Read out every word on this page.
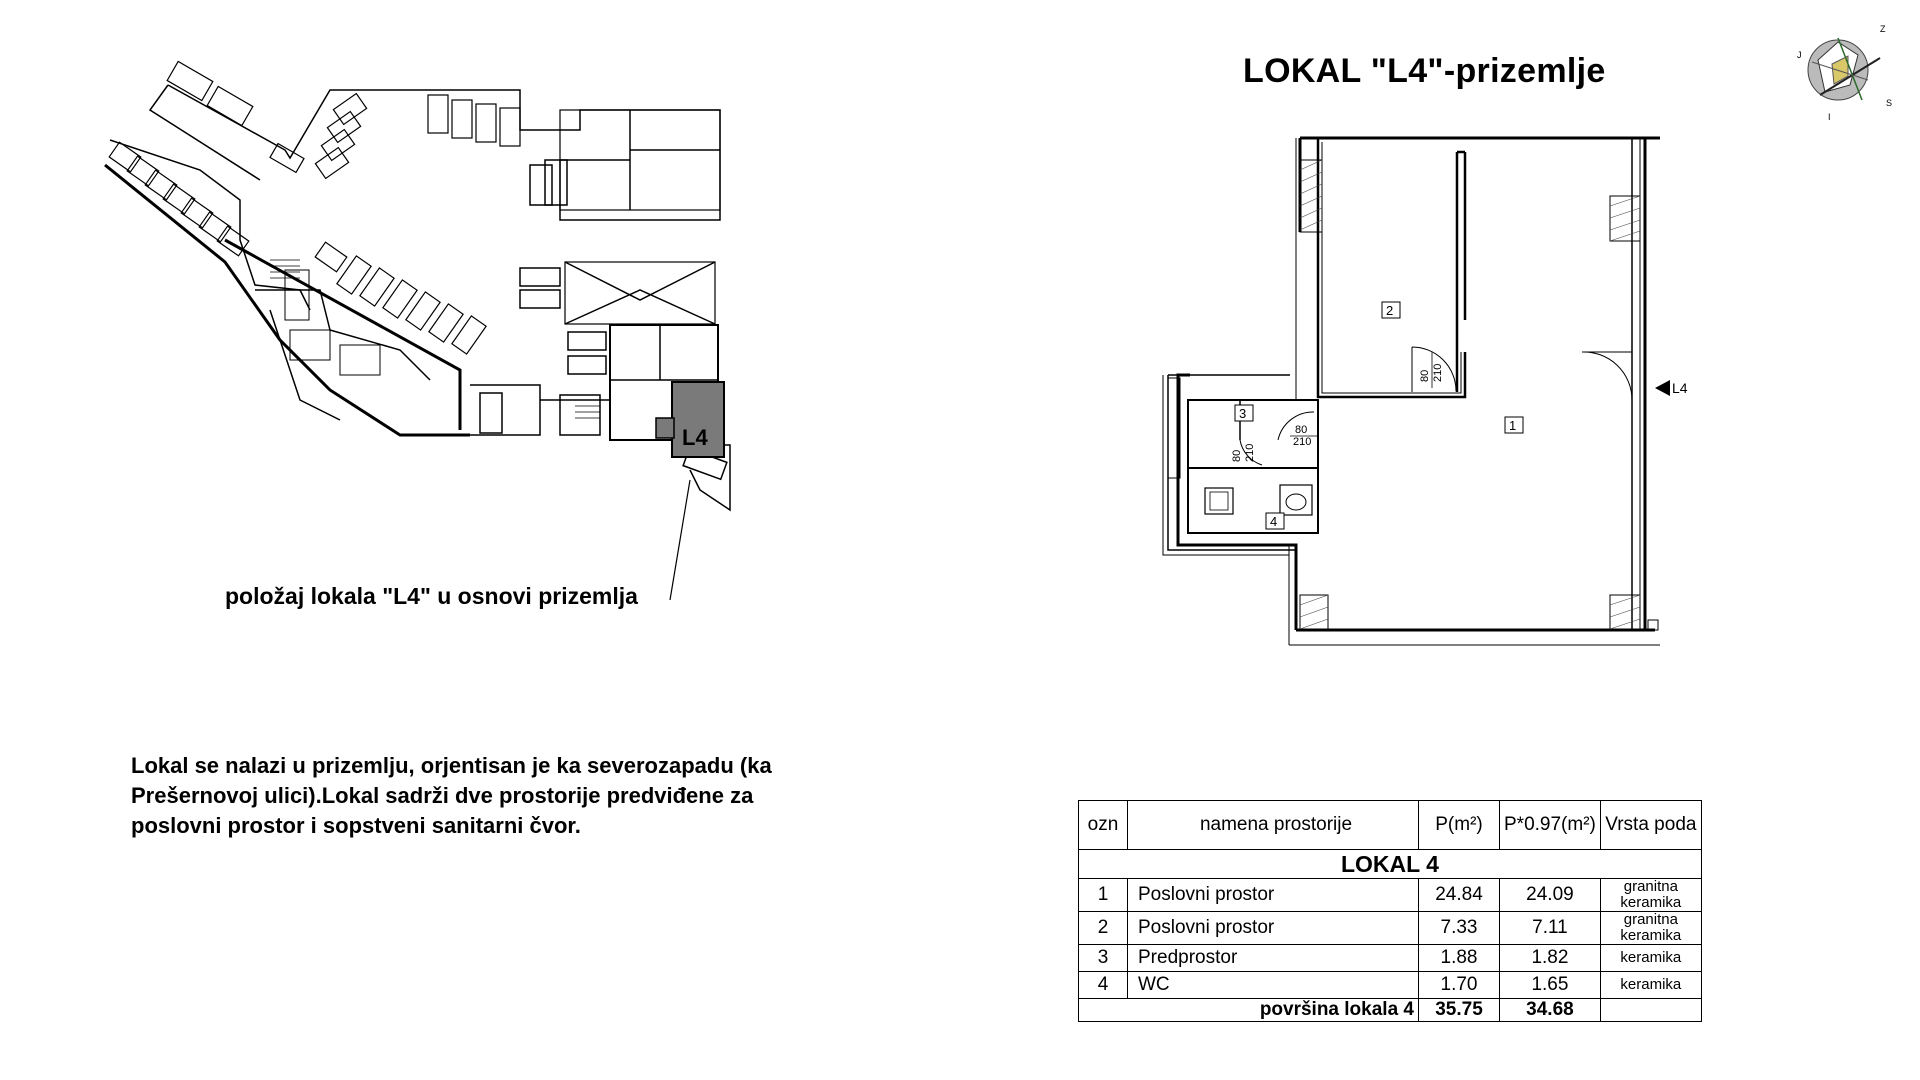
LOKAL "L4"-prizemlje
L4	1
2
3
4
80 210
80
210
80 210
L4
J
Z
S
I
položaj lokala "L4" u osnovi prizemlja

Lokal se nalazi u prizemlju, orjentisan je ka severozapadu (ka

Prešernovoj ulici).Lokal sadrži dve prostorije predviđene za

poslovni prostor i sopstveni sanitarni čvor.	ozn	namena prostorije	P(m²)	P*0.97(m²)	Vrsta poda
LOKAL 4				
1	Poslovni prostor	24.84	24.09	granitna keramika
2	Poslovni prostor	7.33	7.11	granitna keramika
3	Predprostor	1.88	1.82	keramika
4	WC	1.70	1.65	keramika
	površina lokala 4	35.75	34.68	
